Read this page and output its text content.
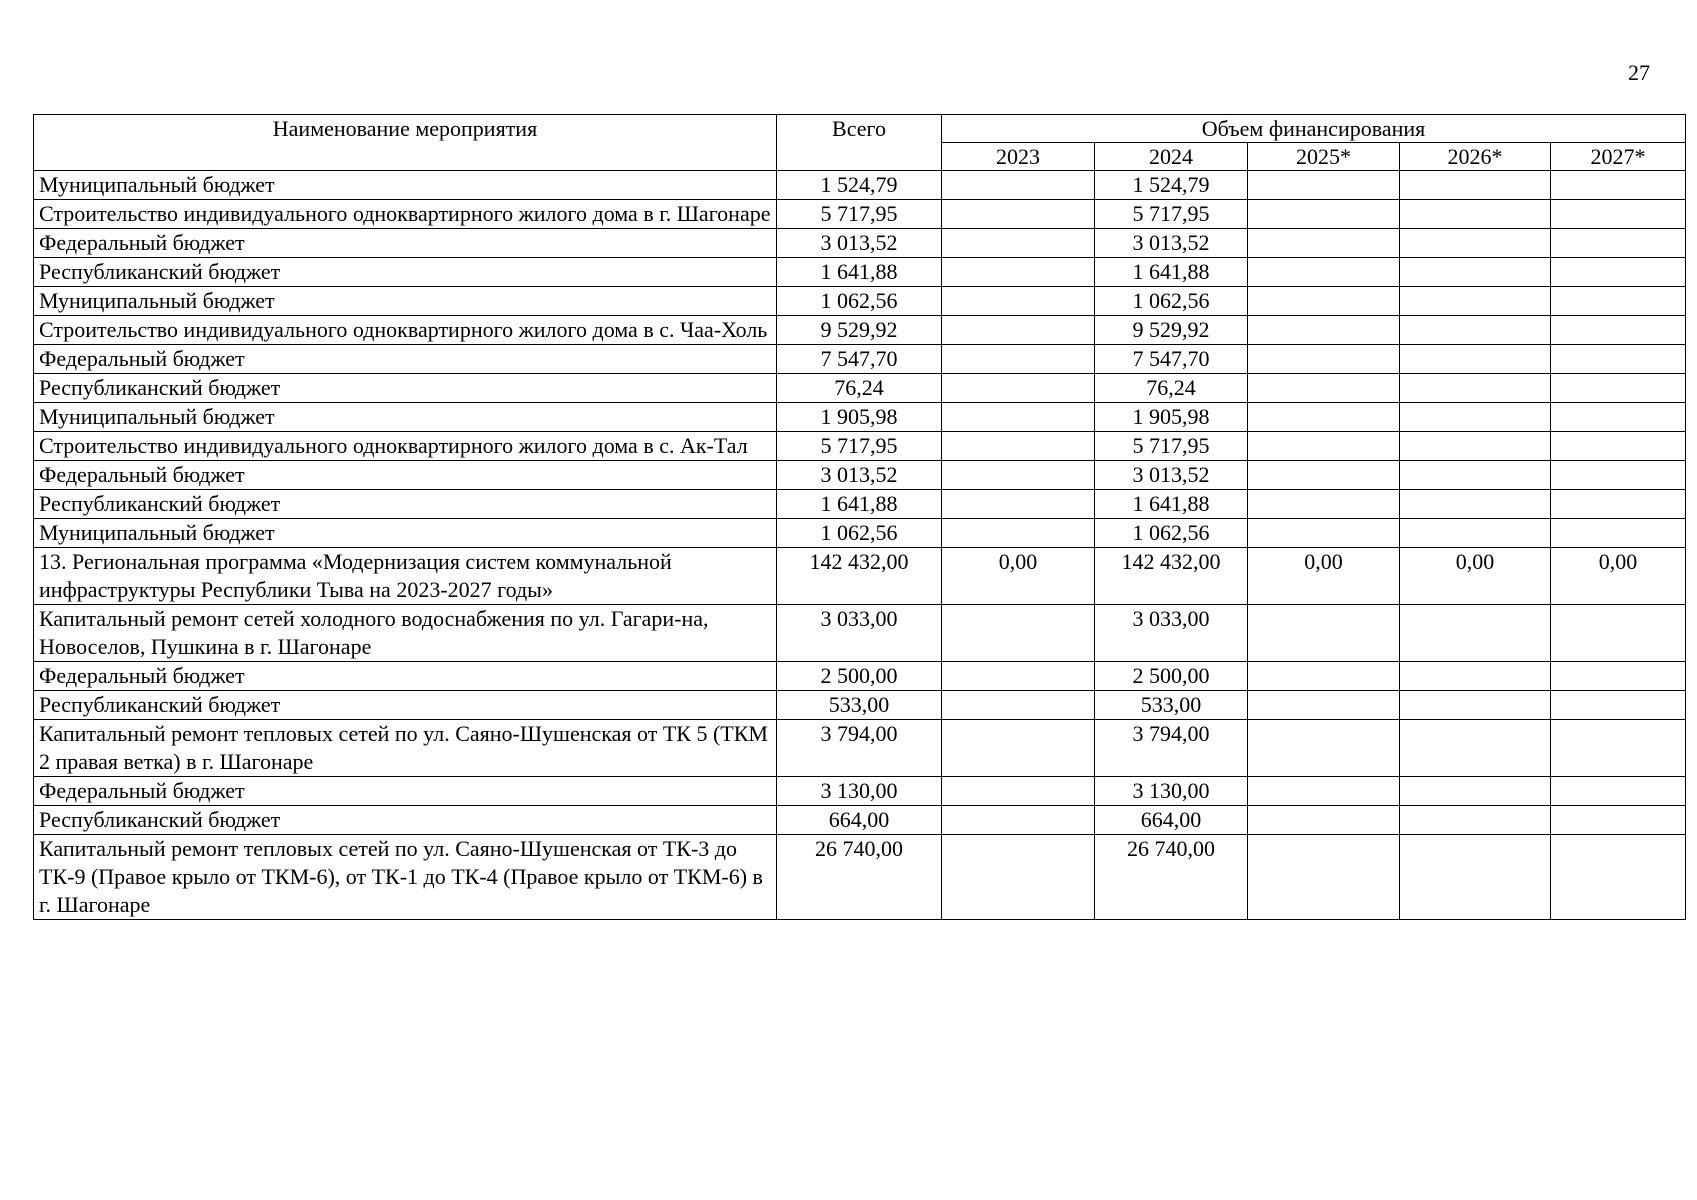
27
Наименование мероприятия	Всего	Объем финансирования				
		2023	2024	2025*	2026*	2027*
Муниципальный бюджет	1 524,79		1 524,79			
Строительство индивидуального одноквартирного жилого дома в г. Шагонаре	5 717,95		5 717,95			
Федеральный бюджет	3 013,52		3 013,52			
Республиканский бюджет	1 641,88		1 641,88			
Муниципальный бюджет	1 062,56		1 062,56			
Строительство индивидуального одноквартирного жилого дома в с. Чаа-Холь	9 529,92		9 529,92			
Федеральный бюджет	7 547,70		7 547,70			
Республиканский бюджет	76,24		76,24			
Муниципальный бюджет	1 905,98		1 905,98			
Строительство индивидуального одноквартирного жилого дома в с. Ак-Тал	5 717,95		5 717,95			
Федеральный бюджет	3 013,52		3 013,52			
Республиканский бюджет	1 641,88		1 641,88			
Муниципальный бюджет	1 062,56		1 062,56			
13. Региональная программа «Модернизация систем коммунальной инфраструктуры Республики Тыва на 2023-2027 годы»	142 432,00	0,00	142 432,00	0,00	0,00	0,00
Капитальный ремонт сетей холодного водоснабжения по ул. Гагари-на, Новоселов, Пушкина в г. Шагонаре	3 033,00		3 033,00			
Федеральный бюджет	2 500,00		2 500,00			
Республиканский бюджет	533,00		533,00			
Капитальный ремонт тепловых сетей по ул. Саяно-Шушенская от ТК 5 (ТКМ 2 правая ветка) в г. Шагонаре	3 794,00		3 794,00			
Федеральный бюджет	3 130,00		3 130,00			
Республиканский бюджет	664,00		664,00			
Капитальный ремонт тепловых сетей по ул. Саяно-Шушенская от ТК-3 до ТК-9 (Правое крыло от ТКМ-6), от ТК-1 до ТК-4 (Правое крыло от ТКМ-6) в г. Шагонаре	26 740,00		26 740,00			
